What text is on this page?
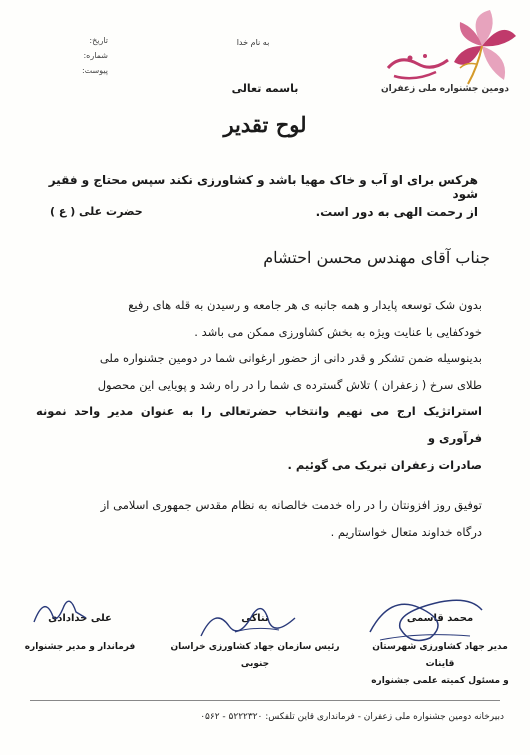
تاریخ:
شماره:
پیوست:
به نام خدا
دومین جشنواره ملی زعفران
باسمه تعالی
لوح تقدیر
هرکس برای او آب و خاک مهیا باشد و کشاورزی نکند سپس محتاج و فقیر شود
از رحمت الهی به دور است.
حضرت علی ( ع )
جناب آقای مهندس محسن احتشام

بدون شک توسعه پایدار و همه جانبه ی هر جامعه و رسیدن به قله های رفیع

خودکفایی با عنایت ویژه به بخش کشاورزی ممکن می باشد .

بدینوسیله ضمن تشکر و قدر دانی از حضور ارغوانی شما در دومین جشنواره ملی

طلای سرخ ( زعفران ) تلاش گسترده ی شما را در راه رشد و پویایی این محصول

استراتژیک ارج می نهیم وانتخاب حضرتعالی را به عنوان مدیر واحد نمونه فرآوری و

صادرات زعفران تبریک می گوئیم .

توفیق روز افزونتان را در راه خدمت خالصانه به نظام مقدس جمهوری اسلامی از

درگاه خداوند متعال خواستاریم .

علی خدادادی
فرماندار و مدیر جشنواره
تناکی
رئیس سازمان جهاد کشاورزی خراسان جنوبی
محمد قاسمی
مدیر جهاد کشاورزی شهرستان قاینات
و مسئول کمیته علمی جشنواره
دبیرخانه دومین جشنواره ملی زعفران - فرمانداری قاین تلفکس: ۵۲۲۲۳۲۰ - ۰۵۶۲
